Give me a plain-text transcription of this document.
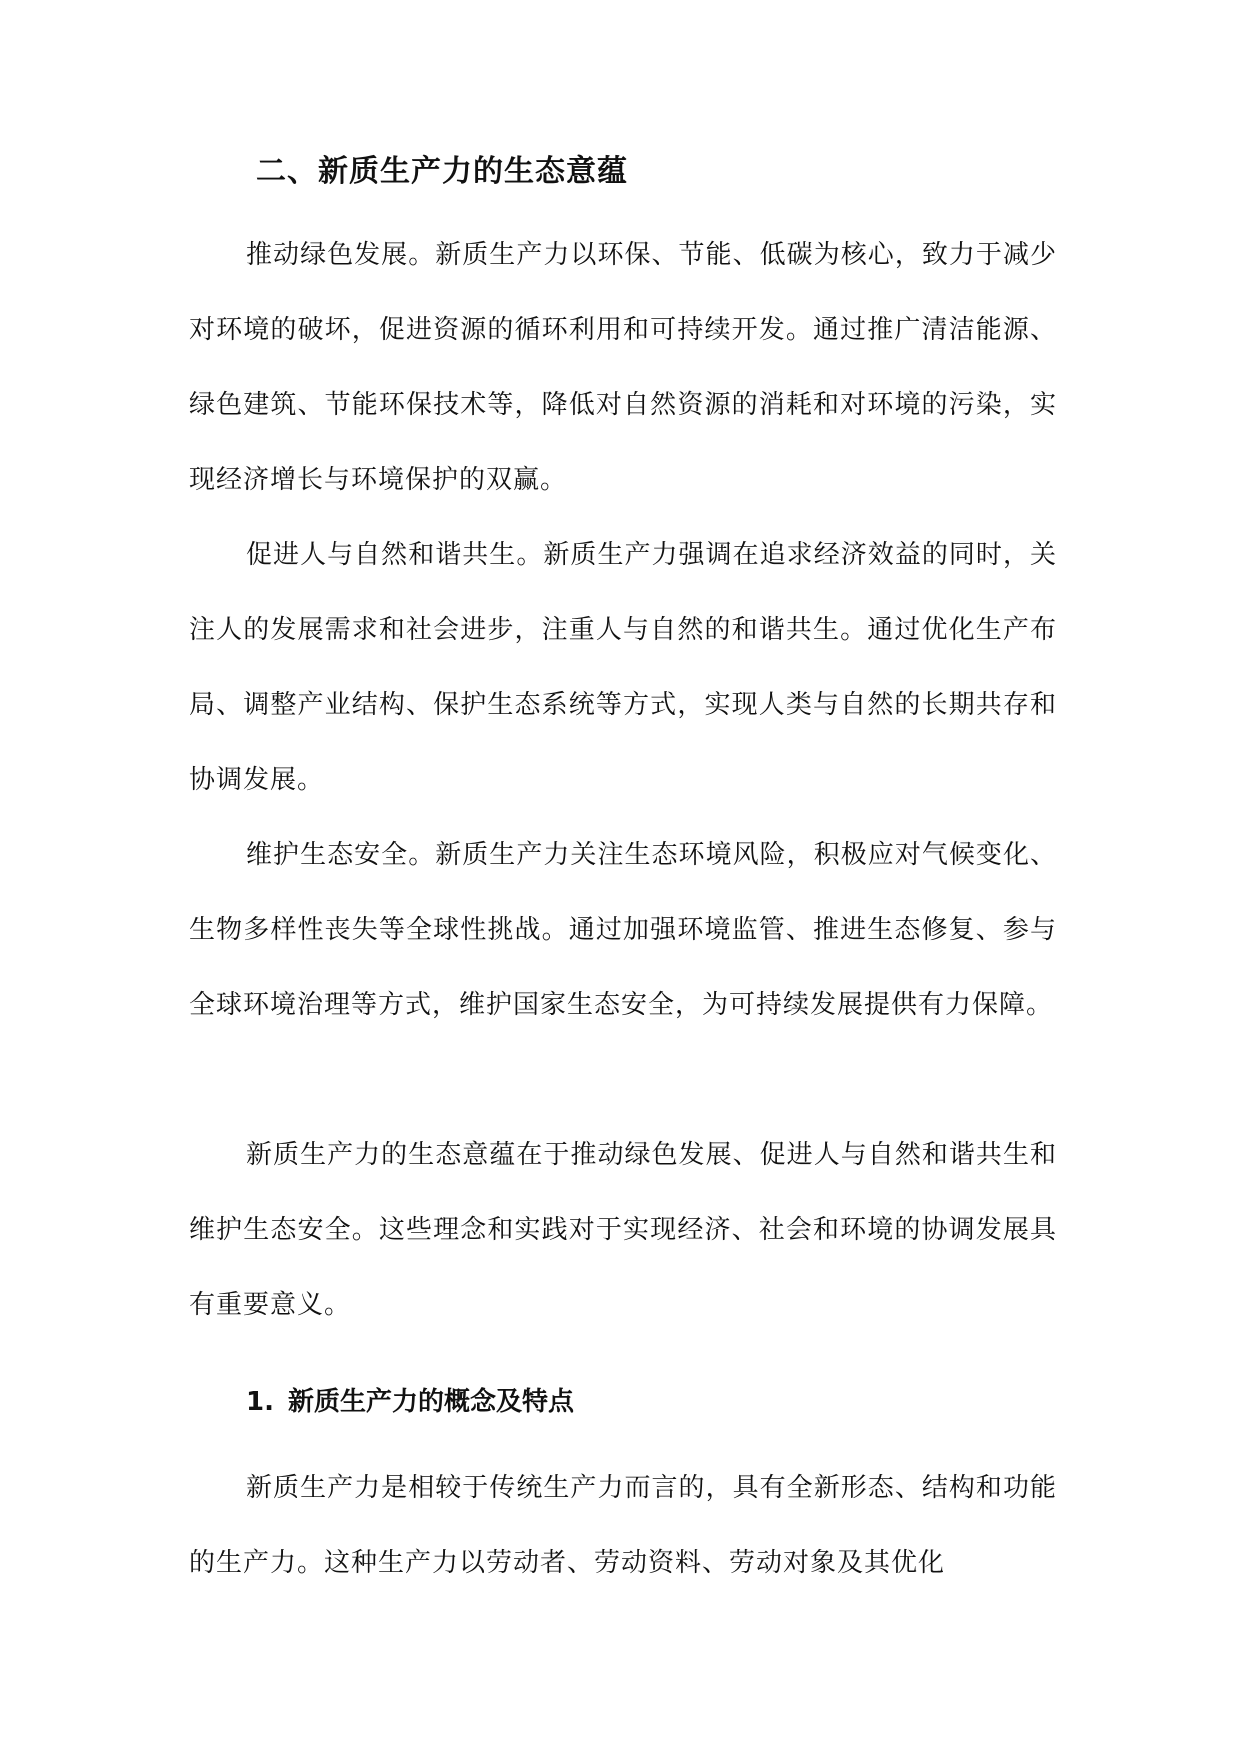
二、新质生产力的生态意蕴

推动绿色发展。新质生产力以环保、节能、低碳为核心，致力于减少对环境的破坏，促进资源的循环利用和可持续开发。通过推广清洁能源、绿色建筑、节能环保技术等，降低对自然资源的消耗和对环境的污染，实现经济增长与环境保护的双赢。

促进人与自然和谐共生。新质生产力强调在追求经济效益的同时，关注人的发展需求和社会进步，注重人与自然的和谐共生。通过优化生产布局、调整产业结构、保护生态系统等方式，实现人类与自然的长期共存和协调发展。

维护生态安全。新质生产力关注生态环境风险，积极应对气候变化、生物多样性丧失等全球性挑战。通过加强环境监管、推进生态修复、参与全球环境治理等方式，维护国家生态安全，为可持续发展提供有力保障。

新质生产力的生态意蕴在于推动绿色发展、促进人与自然和谐共生和维护生态安全。这些理念和实践对于实现经济、社会和环境的协调发展具有重要意义。

1. 新质生产力的概念及特点

新质生产力是相较于传统生产力而言的，具有全新形态、结构和功能的生产力。这种生产力以劳动者、劳动资料、劳动对象及其优化
